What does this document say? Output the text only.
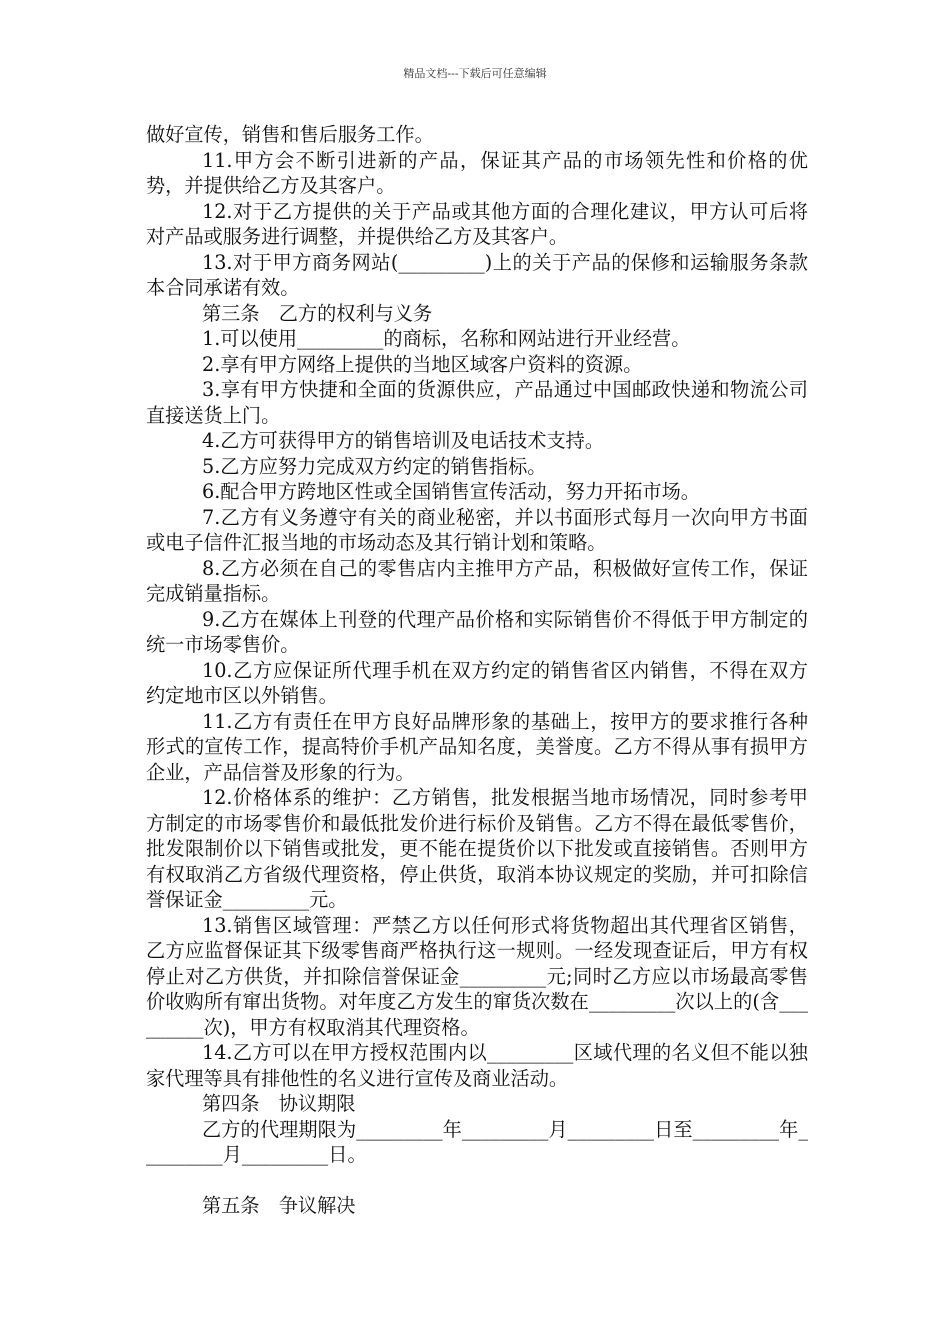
精品文档---下载后可任意编辑

做好宣传，销售和售后服务工作。

11.甲方会不断引进新的产品，保证其产品的市场领先性和价格的优势，并提供给乙方及其客户。

12.对于乙方提供的关于产品或其他方面的合理化建议，甲方认可后将对产品或服务进行调整，并提供给乙方及其客户。

13.对于甲方商务网站(_________)上的关于产品的保修和运输服务条款本合同承诺有效。

第三条　乙方的权利与义务

1.可以使用_________的商标，名称和网站进行开业经营。

2.享有甲方网络上提供的当地区域客户资料的资源。

3.享有甲方快捷和全面的货源供应，产品通过中国邮政快递和物流公司直接送货上门。

4.乙方可获得甲方的销售培训及电话技术支持。

5.乙方应努力完成双方约定的销售指标。

6.配合甲方跨地区性或全国销售宣传活动，努力开拓市场。

7.乙方有义务遵守有关的商业秘密，并以书面形式每月一次向甲方书面或电子信件汇报当地的市场动态及其行销计划和策略。

8.乙方必须在自己的零售店内主推甲方产品，积极做好宣传工作，保证完成销量指标。

9.乙方在媒体上刊登的代理产品价格和实际销售价不得低于甲方制定的统一市场零售价。

10.乙方应保证所代理手机在双方约定的销售省区内销售，不得在双方约定地市区以外销售。

11.乙方有责任在甲方良好品牌形象的基础上，按甲方的要求推行各种形式的宣传工作，提高特价手机产品知名度，美誉度。乙方不得从事有损甲方企业，产品信誉及形象的行为。

12.价格体系的维护：乙方销售，批发根据当地市场情况，同时参考甲方制定的市场零售价和最低批发价进行标价及销售。乙方不得在最低零售价，批发限制价以下销售或批发，更不能在提货价以下批发或直接销售。否则甲方有权取消乙方省级代理资格，停止供货，取消本协议规定的奖励，并可扣除信誉保证金_________元。

13.销售区域管理：严禁乙方以任何形式将货物超出其代理省区销售，乙方应监督保证其下级零售商严格执行这一规则。一经发现查证后，甲方有权停止对乙方供货，并扣除信誉保证金_________元;同时乙方应以市场最高零售价收购所有窜出货物。对年度乙方发生的窜货次数在_________次以上的(含_________次)，甲方有权取消其代理资格。

14.乙方可以在甲方授权范围内以_________区域代理的名义但不能以独家代理等具有排他性的名义进行宣传及商业活动。

第四条　协议期限

乙方的代理期限为_________年_________月_________日至_________年_________月_________日。

第五条　争议解决
